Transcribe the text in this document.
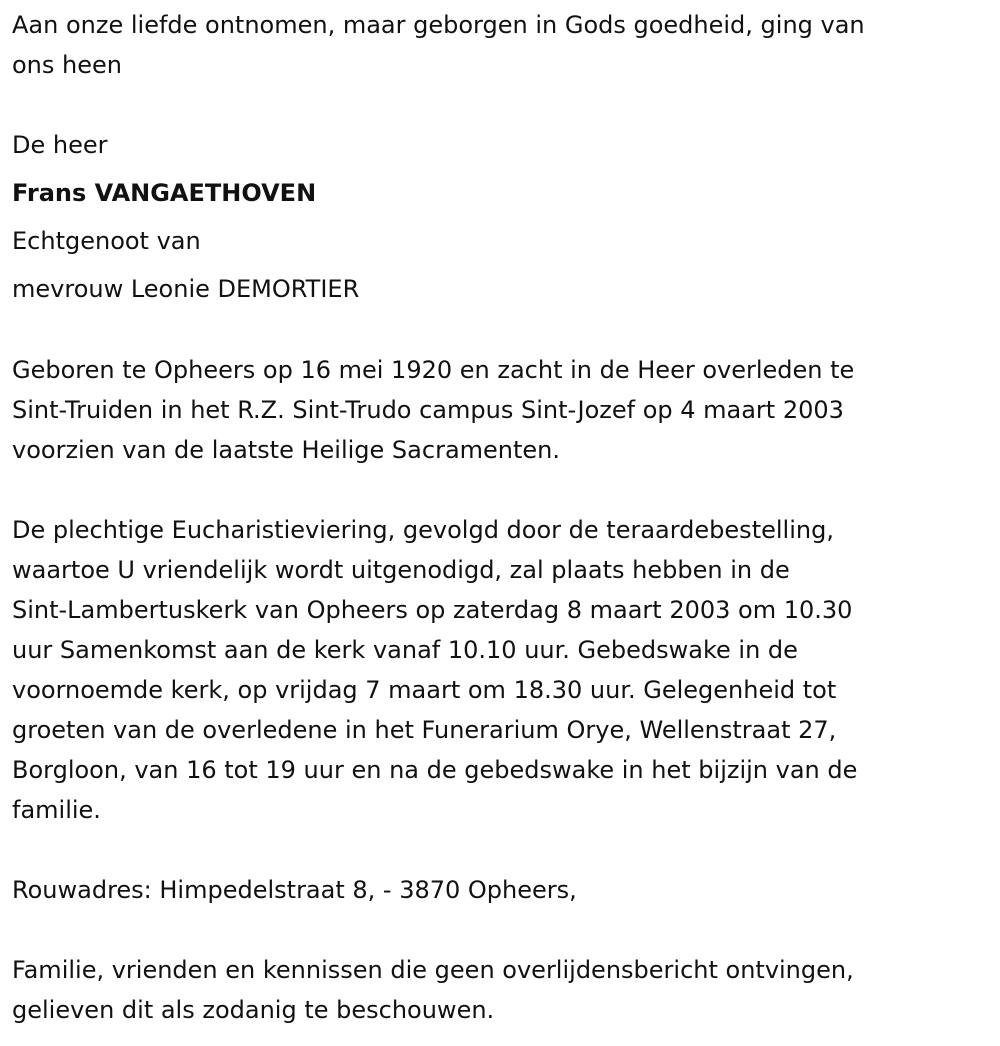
Aan onze liefde ontnomen, maar geborgen in Gods goedheid, ging van
ons heen
De heer
Frans VANGAETHOVEN
Echtgenoot van
mevrouw Leonie DEMORTIER
Geboren te Opheers op 16 mei 1920 en zacht in de Heer overleden te
Sint-Truiden in het R.Z. Sint-Trudo campus Sint-Jozef op 4 maart 2003
voorzien van de laatste Heilige Sacramenten.
De plechtige Eucharistieviering, gevolgd door de teraardebestelling,
waartoe U vriendelijk wordt uitgenodigd, zal plaats hebben in de
Sint-Lambertuskerk van Opheers op zaterdag 8 maart 2003 om 10.30
uur Samenkomst aan de kerk vanaf 10.10 uur. Gebedswake in de
voornoemde kerk, op vrijdag 7 maart om 18.30 uur. Gelegenheid tot
groeten van de overledene in het Funerarium Orye, Wellenstraat 27,
Borgloon, van 16 tot 19 uur en na de gebedswake in het bijzijn van de
familie.
Rouwadres: Himpedelstraat 8, - 3870 Opheers,
Familie, vrienden en kennissen die geen overlijdensbericht ontvingen,
gelieven dit als zodanig te beschouwen.
